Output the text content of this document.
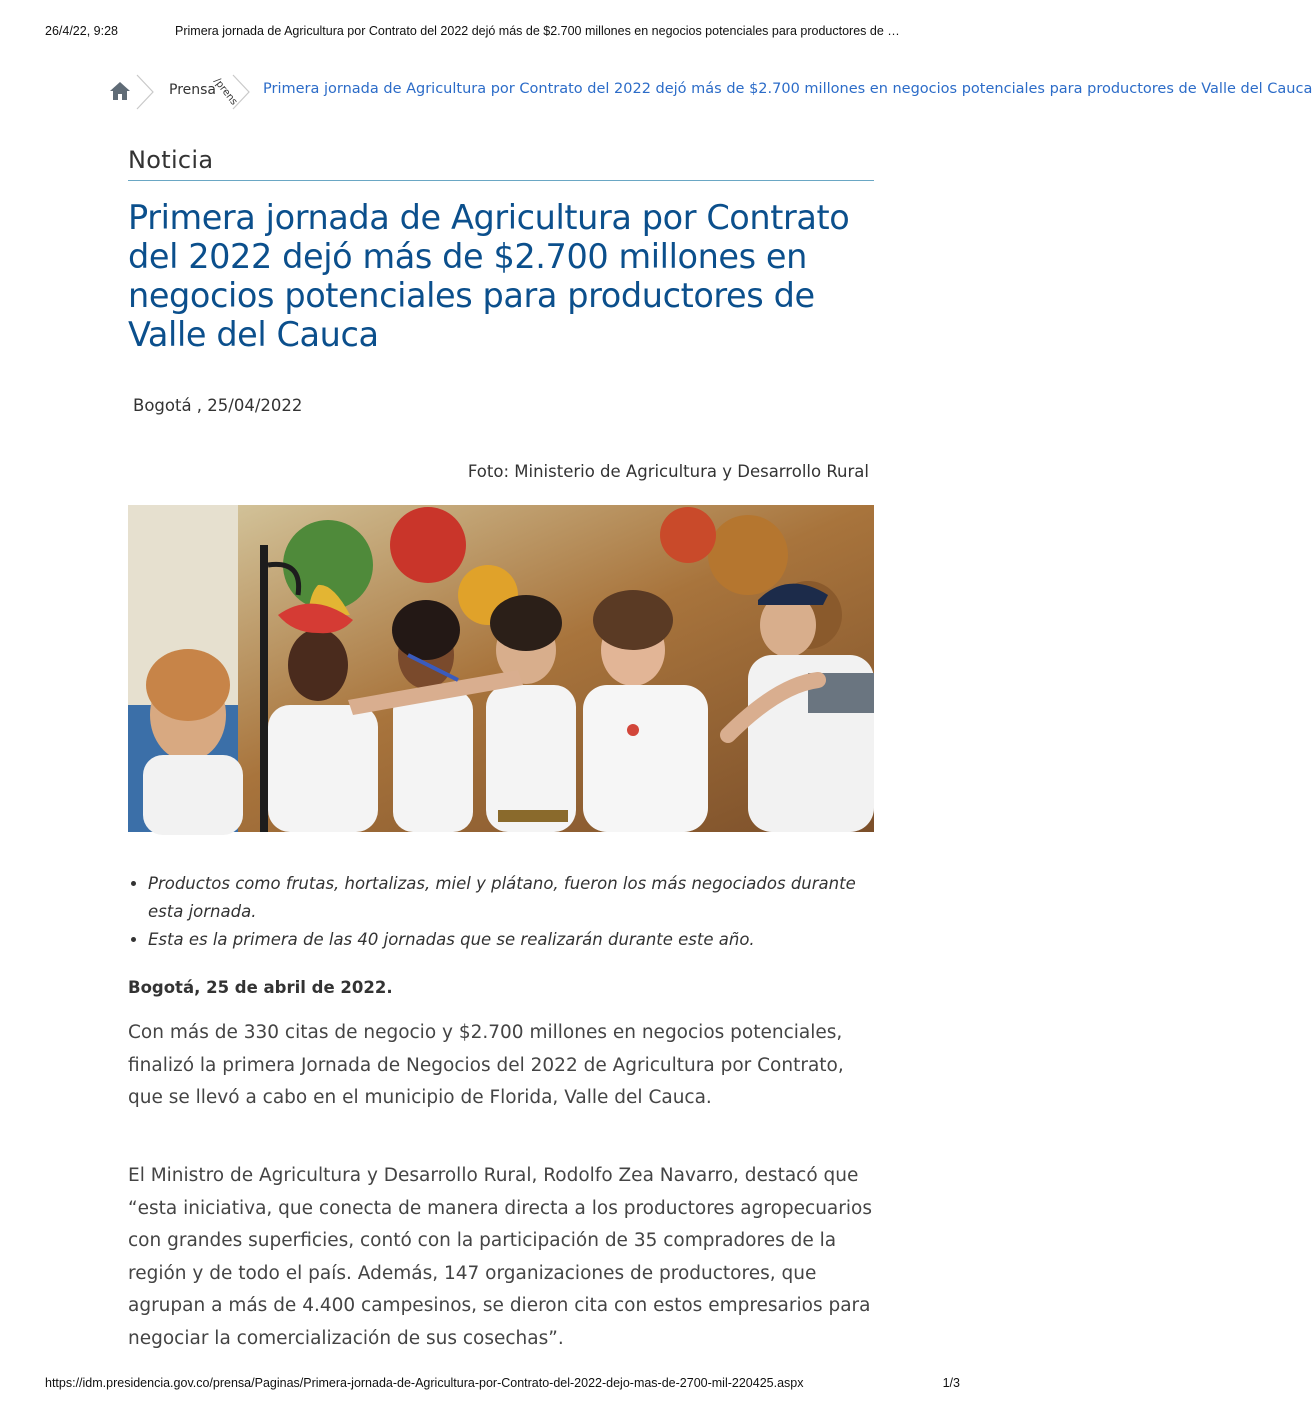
26/4/22, 9:28	Primera jornada de Agricultura por Contrato del 2022 dejó más de $2.700 millones en negocios potenciales para productores de …
Prensa
/prens Primera jornada de Agricultura por Contrato del 2022 dejó más de $2.700 millones en negocios potenciales para productores de Valle del Cauca
Noticia
Primera jornada de Agricultura por Contrato del 2022 dejó más de $2.700 millones en negocios potenciales para productores de Valle del Cauca
Bogotá , 25/04/2022
Foto: Ministerio de Agricultura y Desarrollo Rural
• Productos como frutas, hortalizas, miel y plátano, fueron los más negociados durante esta jornada.
• Esta es la primera de las 40 jornadas que se realizarán durante este año.
Bogotá, 25 de abril de 2022.

Con más de 330 citas de negocio y $2.700 millones en negocios potenciales, finalizó la primera Jornada de Negocios del 2022 de Agricultura por Contrato, que se llevó a cabo en el municipio de Florida, Valle del Cauca.

El Ministro de Agricultura y Desarrollo Rural, Rodolfo Zea Navarro, destacó que “esta iniciativa, que conecta de manera directa a los productores agropecuarios con grandes superficies, contó con la participación de 35 compradores de la región y de todo el país. Además, 147 organizaciones de productores, que agrupan a más de 4.400 campesinos, se dieron cita con estos empresarios para negociar la comercialización de sus cosechas”.

https://idm.presidencia.gov.co/prensa/Paginas/Primera-jornada-de-Agricultura-por-Contrato-del-2022-dejo-mas-de-2700-mil-220425.aspx	1/3
